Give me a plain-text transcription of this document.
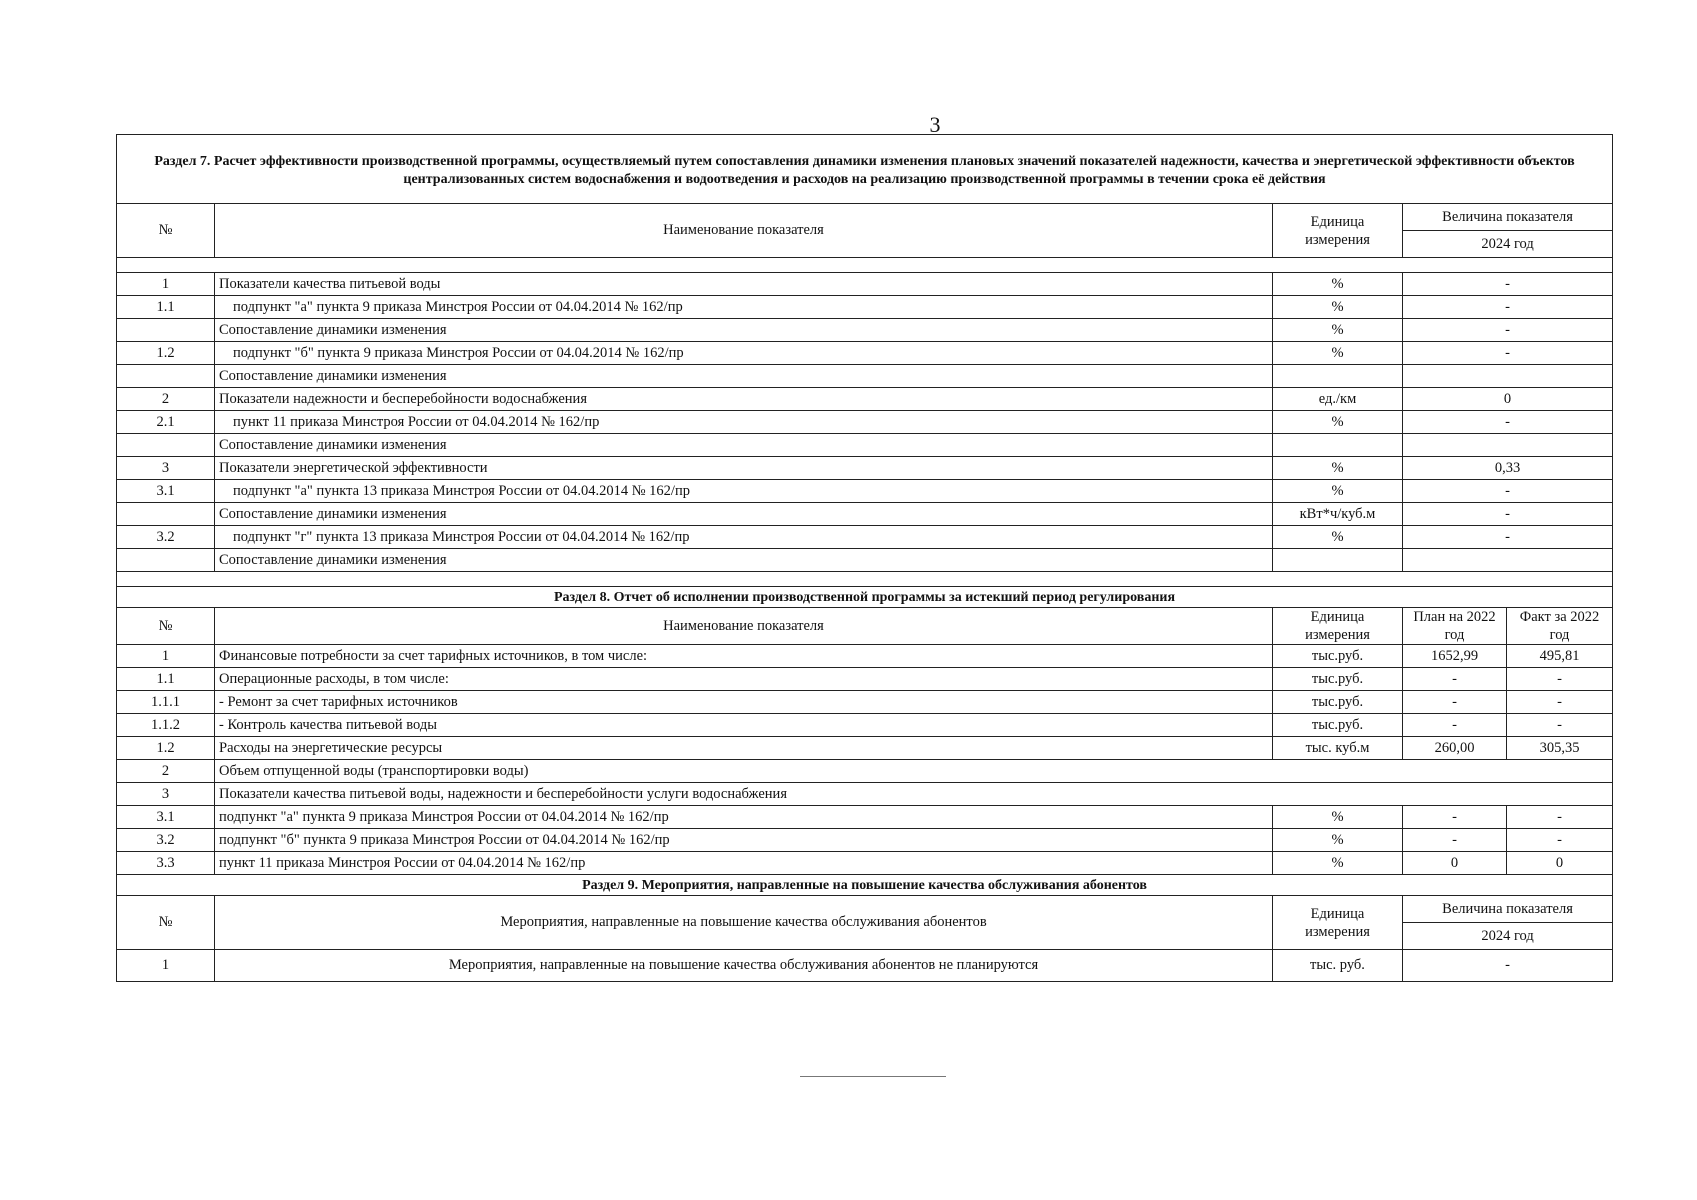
3
Раздел 7. Расчет эффективности производственной программы, осуществляемый путем сопоставления динамики изменения плановых значений показателей надежности, качества и энергетической эффективности объектов централизованных систем водоснабжения и водоотведения и расходов на реализацию производственной программы в течении срока её действия				
№	Наименование показателя	Единица измерения	Величина показателя	
			2024 год	

1	Показатели качества питьевой воды	%	-	
1.1	подпункт "а" пункта 9 приказа Минстроя России от 04.04.2014 № 162/пр	%	-	
	Сопоставление динамики изменения	%	-	
1.2	подпункт "б" пункта 9 приказа Минстроя России от 04.04.2014 № 162/пр	%	-	
	Сопоставление динамики изменения			
2	Показатели надежности и бесперебойности водоснабжения	ед./км	0	
2.1	пункт 11 приказа Минстроя России от 04.04.2014 № 162/пр	%	-	
	Сопоставление динамики изменения			
3	Показатели энергетической эффективности	%	0,33	
3.1	подпункт "а" пункта 13 приказа Минстроя России от 04.04.2014 № 162/пр	%	-	
	Сопоставление динамики изменения	кВт*ч/куб.м	-	
3.2	подпункт "г" пункта 13 приказа Минстроя России от 04.04.2014 № 162/пр	%	-	
	Сопоставление динамики изменения			

Раздел 8. Отчет об исполнении производственной программы за истекший период регулирования				
№	Наименование показателя	Единица измерения	План на 2022 год	Факт за 2022 год
1	Финансовые потребности за счет тарифных источников, в том числе:	тыс.руб.	1652,99	495,81
1.1	Операционные расходы, в том числе:	тыс.руб.	-	-
1.1.1	- Ремонт за счет тарифных источников	тыс.руб.	-	-
1.1.2	- Контроль качества питьевой воды	тыс.руб.	-	-
1.2	Расходы на энергетические ресурсы	тыс. куб.м	260,00	305,35
2	Объем отпущенной воды (транспортировки воды)			
3	Показатели качества питьевой воды, надежности и бесперебойности услуги водоснабжения			
3.1	подпункт "а" пункта 9 приказа Минстроя России от 04.04.2014 № 162/пр	%	-	-
3.2	подпункт "б" пункта 9 приказа Минстроя России от 04.04.2014 № 162/пр	%	-	-
3.3	пункт 11 приказа Минстроя России от 04.04.2014 № 162/пр	%	0	0
Раздел 9. Мероприятия, направленные на повышение качества обслуживания абонентов				
№	Мероприятия, направленные на повышение качества обслуживания абонентов	Единица измерения	Величина показателя	
			2024 год	
1	Мероприятия, направленные на повышение качества обслуживания абонентов не планируются	тыс. руб.	-	
